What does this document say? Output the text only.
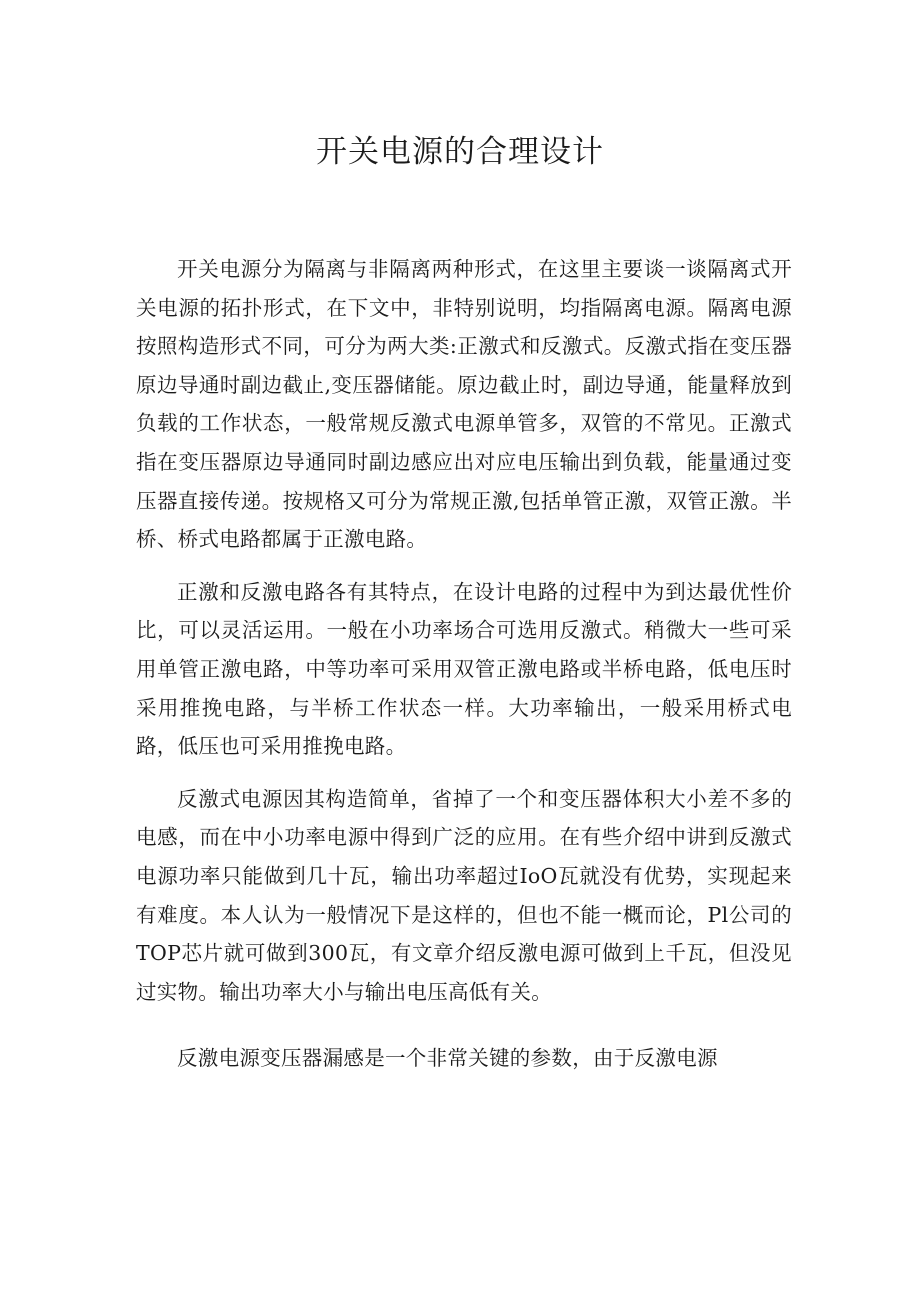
开关电源的合理设计

开关电源分为隔离与非隔离两种形式，在这里主要谈一谈隔离式开关电源的拓扑形式，在下文中，非特别说明，均指隔离电源。隔离电源按照构造形式不同，可分为两大类:正激式和反激式。反激式指在变压器原边导通时副边截止,变压器储能。原边截止时，副边导通，能量释放到负载的工作状态，一般常规反激式电源单管多，双管的不常见。正激式指在变压器原边导通同时副边感应出对应电压输出到负载，能量通过变压器直接传递。按规格又可分为常规正激,包括单管正激，双管正激。半桥、桥式电路都属于正激电路。

正激和反激电路各有其特点，在设计电路的过程中为到达最优性价比，可以灵活运用。一般在小功率场合可选用反激式。稍微大一些可采用单管正激电路，中等功率可采用双管正激电路或半桥电路，低电压时采用推挽电路，与半桥工作状态一样。大功率输出，一般采用桥式电路，低压也可采用推挽电路。

反激式电源因其构造简单，省掉了一个和变压器体积大小差不多的电感，而在中小功率电源中得到广泛的应用。在有些介绍中讲到反激式电源功率只能做到几十瓦，输出功率超过IoO瓦就没有优势，实现起来有难度。本人认为一般情况下是这样的，但也不能一概而论，Pl公司的TOP芯片就可做到300瓦，有文章介绍反激电源可做到上千瓦，但没见过实物。输出功率大小与输出电压高低有关。

反激电源变压器漏感是一个非常关键的参数，由于反激电源
